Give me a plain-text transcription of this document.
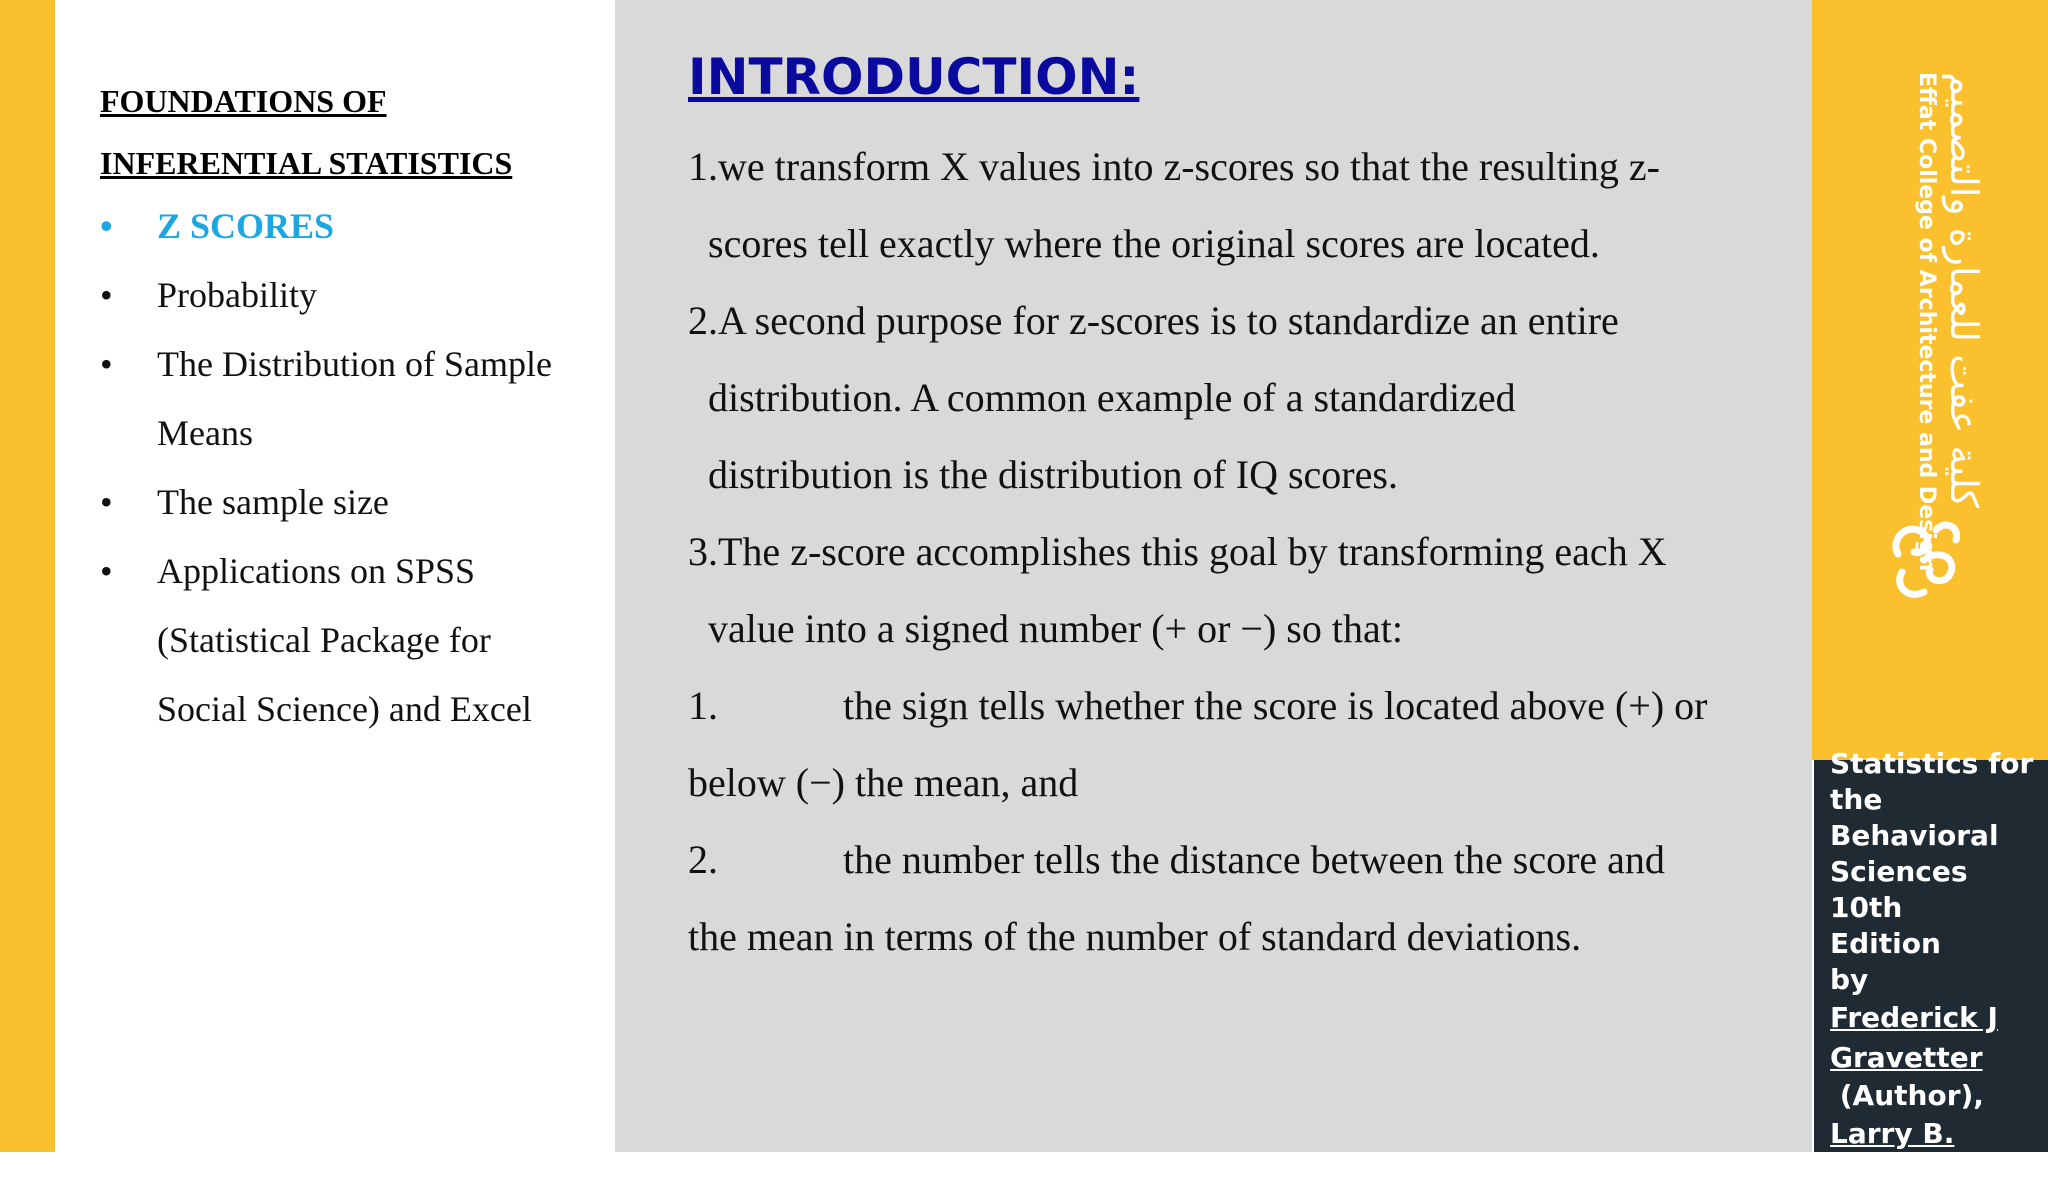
FOUNDATIONS OF
INFERENTIAL STATISTICS
• Z SCORES
• Probability
• The Distribution of Sample
Means
• The sample size
• Applications on SPSS
(Statistical Package for
Social Science) and Excel
INTRODUCTION:
1.we transform X values into z-scores so that the resulting z-
scores tell exactly where the original scores are located.
2.A second purpose for z-scores is to standardize an entire
distribution. A common example of a standardized
distribution is the distribution of IQ scores.
3.The z-score accomplishes this goal by transforming each X
value into a signed number (+ or −) so that:
1.	the sign tells whether the score is located above (+) or
below (−) the mean, and
2.	the number tells the distance between the score and
the mean in terms of the number of standard deviations.
Effat College of Architecture and Design كلية عفت للعمارة والتصميم
Statistics for
the
Behavioral
Sciences 10th
Edition
by
Frederick J
Gravetter
(Author),
Larry B.
Wallnau
